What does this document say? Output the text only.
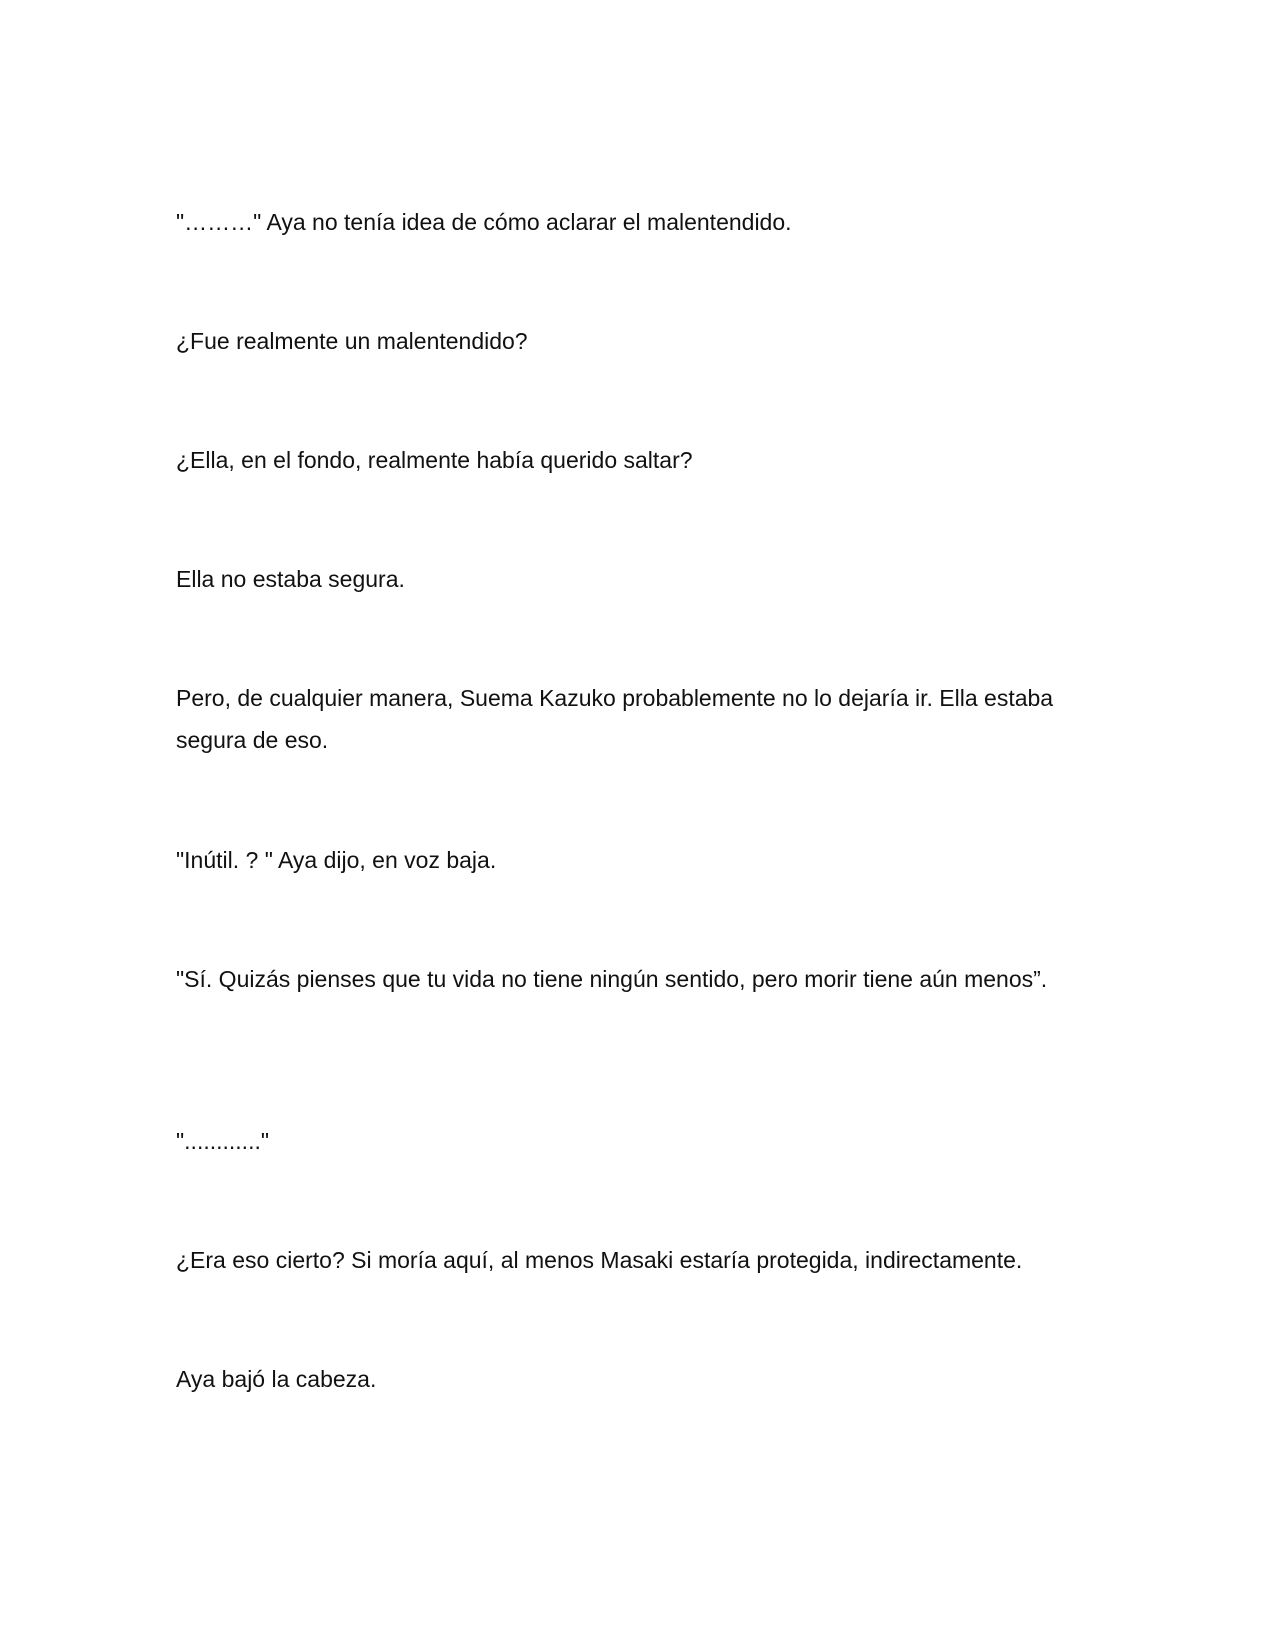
"………" Aya no tenía idea de cómo aclarar el malentendido.

¿Fue realmente un malentendido?

¿Ella, en el fondo, realmente había querido saltar?

Ella no estaba segura.

Pero, de cualquier manera, Suema Kazuko probablemente no lo dejaría ir. Ella estaba segura de eso.

"Inútil. ? " Aya dijo, en voz baja.

"Sí. Quizás pienses que tu vida no tiene ningún sentido, pero morir tiene aún menos”.

"............"

¿Era eso cierto? Si moría aquí, al menos Masaki estaría protegida, indirectamente.

Aya bajó la cabeza.
